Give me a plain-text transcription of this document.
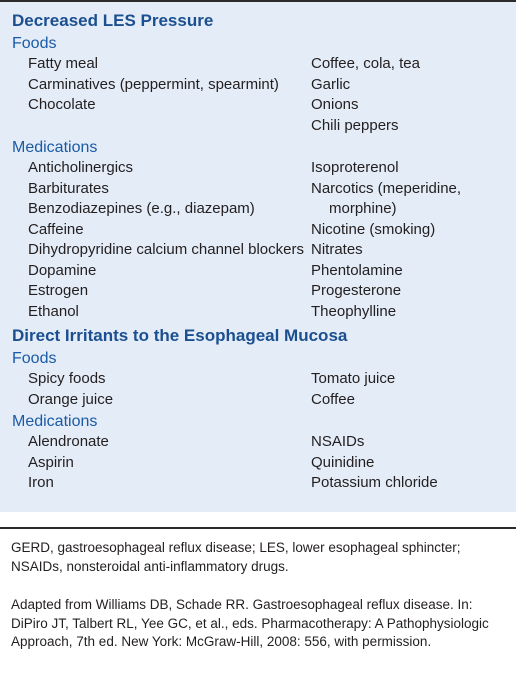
Decreased LES Pressure
Foods
Fatty meal
Carminatives (peppermint, spearmint)
Chocolate
Coffee, cola, tea
Garlic
Onions
Chili peppers
Medications
Anticholinergics
Barbiturates
Benzodiazepines (e.g., diazepam)
Caffeine
Dihydropyridine calcium channel blockers
Dopamine
Estrogen
Ethanol
Isoproterenol
Narcotics (meperidine, morphine)
Nicotine (smoking)
Nitrates
Phentolamine
Progesterone
Theophylline
Direct Irritants to the Esophageal Mucosa
Foods
Spicy foods
Orange juice
Tomato juice
Coffee
Medications
Alendronate
Aspirin
Iron
NSAIDs
Quinidine
Potassium chloride

GERD, gastroesophageal reflux disease; LES, lower esophageal sphincter; NSAIDs, nonsteroidal anti-inflammatory drugs.

Adapted from Williams DB, Schade RR. Gastroesophageal reflux disease. In: DiPiro JT, Talbert RL, Yee GC, et al., eds. Pharmacotherapy: A Pathophysiologic Approach, 7th ed. New York: McGraw-Hill, 2008: 556, with permission.
